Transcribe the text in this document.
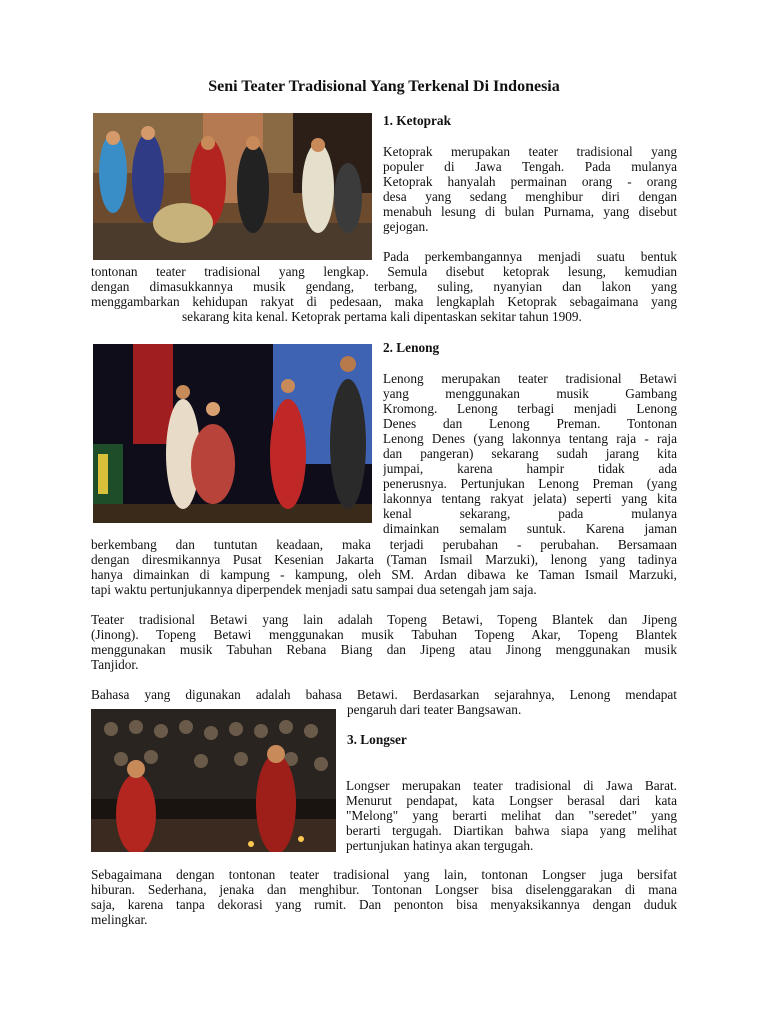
Seni Teater Tradisional Yang Terkenal Di Indonesia
1. Ketoprak
Ketoprak merupakan teater tradisional yang
populer di Jawa Tengah. Pada mulanya
Ketoprak hanyalah permainan orang - orang
desa yang sedang menghibur diri dengan
menabuh lesung di bulan Purnama, yang disebut
gejogan.
Pada perkembangannya menjadi suatu bentuk
tontonan teater tradisional yang lengkap. Semula disebut ketoprak lesung, kemudian
dengan dimasukkannya musik gendang, terbang, suling, nyanyian dan lakon yang
menggambarkan kehidupan rakyat di pedesaan, maka lengkaplah Ketoprak sebagaimana yang
sekarang kita kenal. Ketoprak pertama kali dipentaskan sekitar tahun 1909.
2. Lenong
Lenong merupakan teater tradisional Betawi
yang menggunakan musik Gambang
Kromong. Lenong terbagi menjadi Lenong
Denes dan Lenong Preman. Tontonan
Lenong Denes (yang lakonnya tentang raja - raja
dan pangeran) sekarang sudah jarang kita
jumpai, karena hampir tidak ada
penerusnya. Pertunjukan Lenong Preman (yang
lakonnya tentang rakyat jelata) seperti yang kita
kenal sekarang, pada mulanya
dimainkan semalam suntuk. Karena jaman
berkembang dan tuntutan keadaan, maka terjadi perubahan - perubahan. Bersamaan
dengan diresmikannya Pusat Kesenian Jakarta (Taman Ismail Marzuki), lenong yang tadinya
hanya dimainkan di kampung - kampung, oleh SM. Ardan dibawa ke Taman Ismail Marzuki,
tapi waktu pertunjukannya diperpendek menjadi satu sampai dua setengah jam saja.
Teater tradisional Betawi yang lain adalah Topeng Betawi, Topeng Blantek dan Jipeng
(Jinong). Topeng Betawi menggunakan musik Tabuhan Topeng Akar, Topeng Blantek
menggunakan musik Tabuhan Rebana Biang dan Jipeng atau Jinong menggunakan musik
Tanjidor.
Bahasa yang digunakan adalah bahasa Betawi. Berdasarkan sejarahnya, Lenong mendapat
pengaruh dari teater Bangsawan.
3. Longser
Longser merupakan teater tradisional di Jawa Barat.
Menurut pendapat, kata Longser berasal dari kata
"Melong" yang berarti melihat dan "seredet" yang
berarti tergugah. Diartikan bahwa siapa yang melihat
pertunjukan hatinya akan tergugah.
Sebagaimana dengan tontonan teater tradisional yang lain, tontonan Longser juga bersifat
hiburan. Sederhana, jenaka dan menghibur. Tontonan Longser bisa diselenggarakan di mana
saja, karena tanpa dekorasi yang rumit. Dan penonton bisa menyaksikannya dengan duduk
melingkar.
